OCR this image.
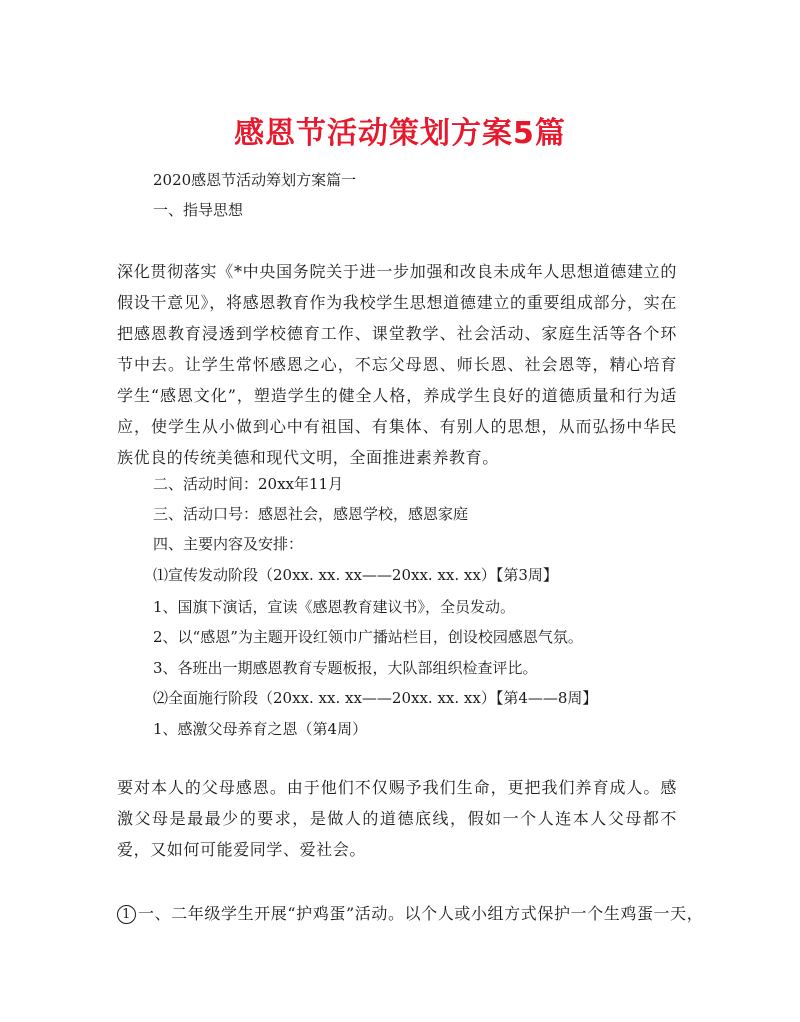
感恩节活动策划方案5篇
2020感恩节活动筹划方案篇一
一、指导思想
深化贯彻落实《*中央国务院关于进一步加强和改良未成年人思想道德建立的假设干意见》，将感恩教育作为我校学生思想道德建立的重要组成部分，实在把感恩教育浸透到学校德育工作、课堂教学、社会活动、家庭生活等各个环节中去。让学生常怀感恩之心，不忘父母恩、师长恩、社会恩等，精心培育学生“感恩文化”，塑造学生的健全人格，养成学生良好的道德质量和行为适应，使学生从小做到心中有祖国、有集体、有别人的思想，从而弘扬中华民族优良的传统美德和现代文明，全面推进素养教育。
二、活动时间：20xx年11月
三、活动口号：感恩社会，感恩学校，感恩家庭
四、主要内容及安排：
⑴宣传发动阶段（20xx. xx. xx——20xx. xx. xx）【第3周】
1、国旗下演话，宣读《感恩教育建议书》，全员发动。
2、以“感恩”为主题开设红领巾广播站栏目，创设校园感恩气氛。
3、各班出一期感恩教育专题板报，大队部组织检查评比。
⑵全面施行阶段（20xx. xx. xx——20xx. xx. xx）【第4——8周】
1、感激父母养育之恩（第4周）
要对本人的父母感恩。由于他们不仅赐予我们生命，更把我们养育成人。感激父母是最最少的要求，是做人的道德底线，假如一个人连本人父母都不爱，又如何可能爱同学、爱社会。
1 一、二年级学生开展“护鸡蛋”活动。以个人或小组方式保护一个生鸡蛋一天，
